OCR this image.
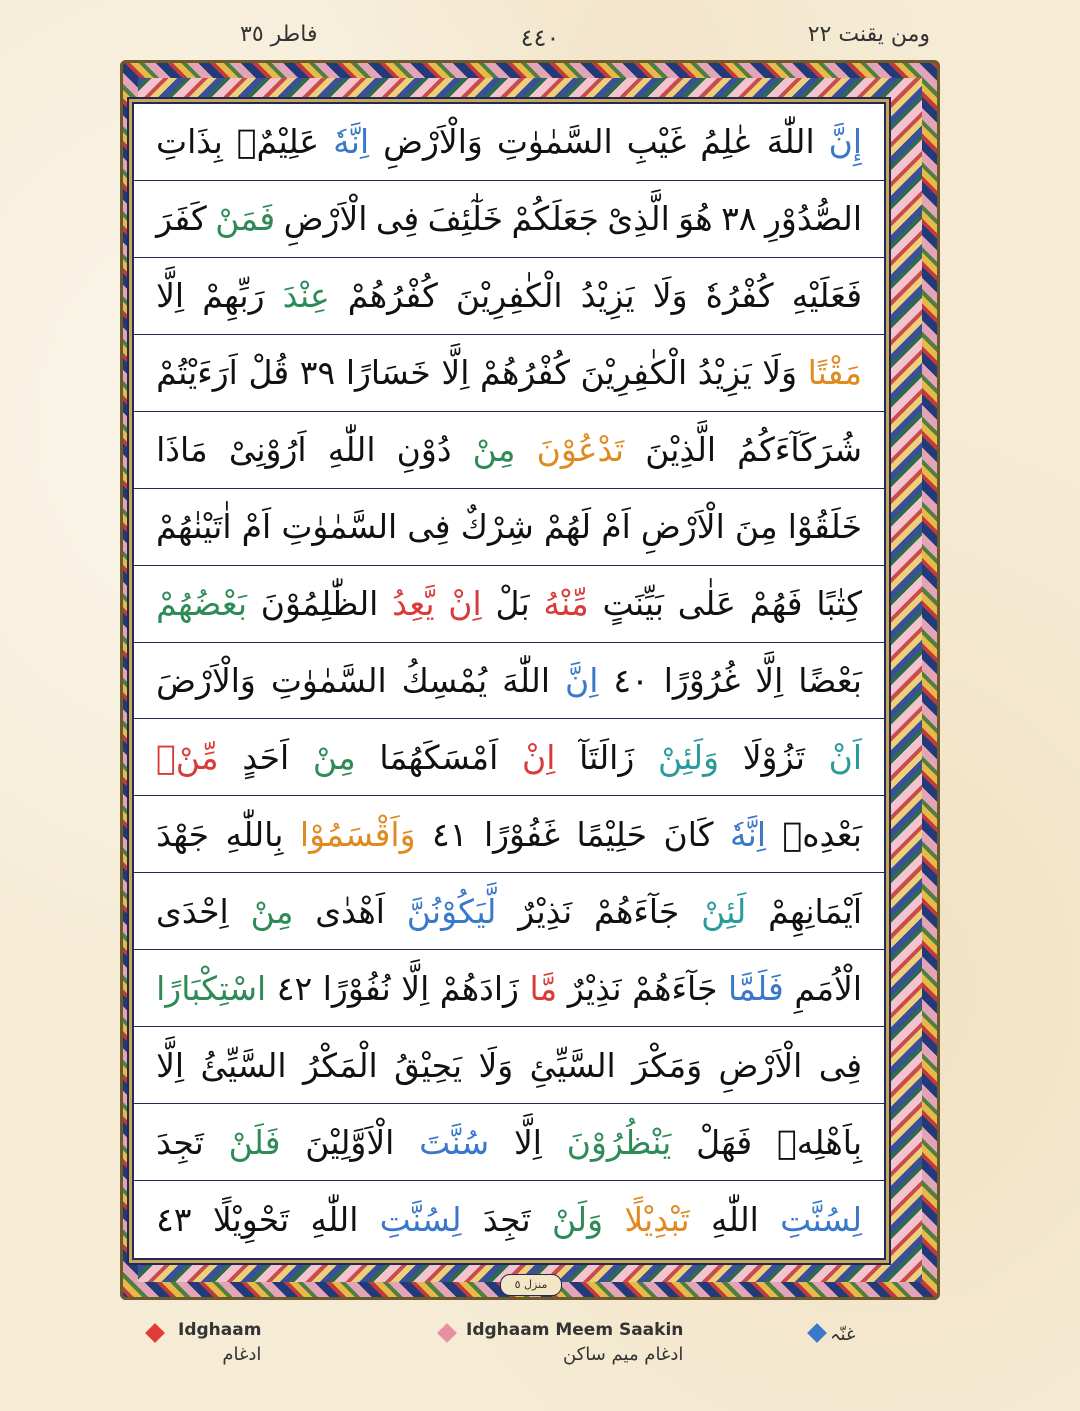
فاطر ٣٥	٤٤٠	ومن يقنت ٢٢
إِنَّ
اللّٰهَ
عٰلِمُ
غَيْبِ
السَّمٰوٰتِ
وَالْاَرْضِ
اِنَّهٗ
عَلِيْمٌۢ
بِذَاتِ
الصُّدُوْرِ
٣٨
هُوَ
الَّذِىْ
جَعَلَكُمْ
خَلٰٓئِفَ
فِى
الْاَرْضِ
فَمَنْ
كَفَرَ
فَعَلَيْهِ
كُفْرُهٗ
وَلَا
يَزِيْدُ
الْكٰفِرِيْنَ
كُفْرُهُمْ
عِنْدَ
رَبِّهِمْ
اِلَّا
مَقْتًا
وَلَا
يَزِيْدُ
الْكٰفِرِيْنَ
كُفْرُهُمْ
اِلَّا
خَسَارًا
٣٩
قُلْ
اَرَءَيْتُمْ
شُرَكَآءَكُمُ
الَّذِيْنَ
تَدْعُوْنَ
مِنْ
دُوْنِ
اللّٰهِ
اَرُوْنِىْ
مَاذَا
خَلَقُوْا
مِنَ
الْاَرْضِ
اَمْ
لَهُمْ
شِرْكٌ
فِى
السَّمٰوٰتِ
اَمْ
اٰتَيْنٰهُمْ
كِتٰبًا
فَهُمْ
عَلٰى
بَيِّنَتٍ
مِّنْهُ
بَلْ
اِنْ
يَّعِدُ
الظّٰلِمُوْنَ
بَعْضُهُمْ
بَعْضًا
اِلَّا
غُرُوْرًا
٤٠
اِنَّ
اللّٰهَ
يُمْسِكُ
السَّمٰوٰتِ
وَالْاَرْضَ
اَنْ
تَزُوْلَا
وَلَئِنْ
زَالَتَآ
اِنْ
اَمْسَكَهُمَا
مِنْ
اَحَدٍ
مِّنْۢ
بَعْدِهٖ
اِنَّهٗ
كَانَ
حَلِيْمًا
غَفُوْرًا
٤١
وَاَقْسَمُوْا
بِاللّٰهِ
جَهْدَ
اَيْمَانِهِمْ
لَئِنْ
جَآءَهُمْ
نَذِيْرٌ
لَّيَكُوْنُنَّ
اَهْدٰى
مِنْ
اِحْدَى
الْاُمَمِ
فَلَمَّا
جَآءَهُمْ
نَذِيْرٌ
مَّا
زَادَهُمْ
اِلَّا
نُفُوْرًا
٤٢
اسْتِكْبَارًا
فِى
الْاَرْضِ
وَمَكْرَ
السَّيِّئِ
وَلَا
يَحِيْقُ
الْمَكْرُ
السَّيِّئُ
اِلَّا
بِاَهْلِهٖ
فَهَلْ
يَنْظُرُوْنَ
اِلَّا
سُنَّتَ
الْاَوَّلِيْنَ
فَلَنْ
تَجِدَ
لِسُنَّتِ
اللّٰهِ
تَبْدِيْلًا
وَلَنْ
تَجِدَ
لِسُنَّتِ
اللّٰهِ
تَحْوِيْلًا
٤٣
منزل ٥
Idghaam
ادغام
Idghaam Meem Saakin
ادغام میم ساکن
غنّہ
